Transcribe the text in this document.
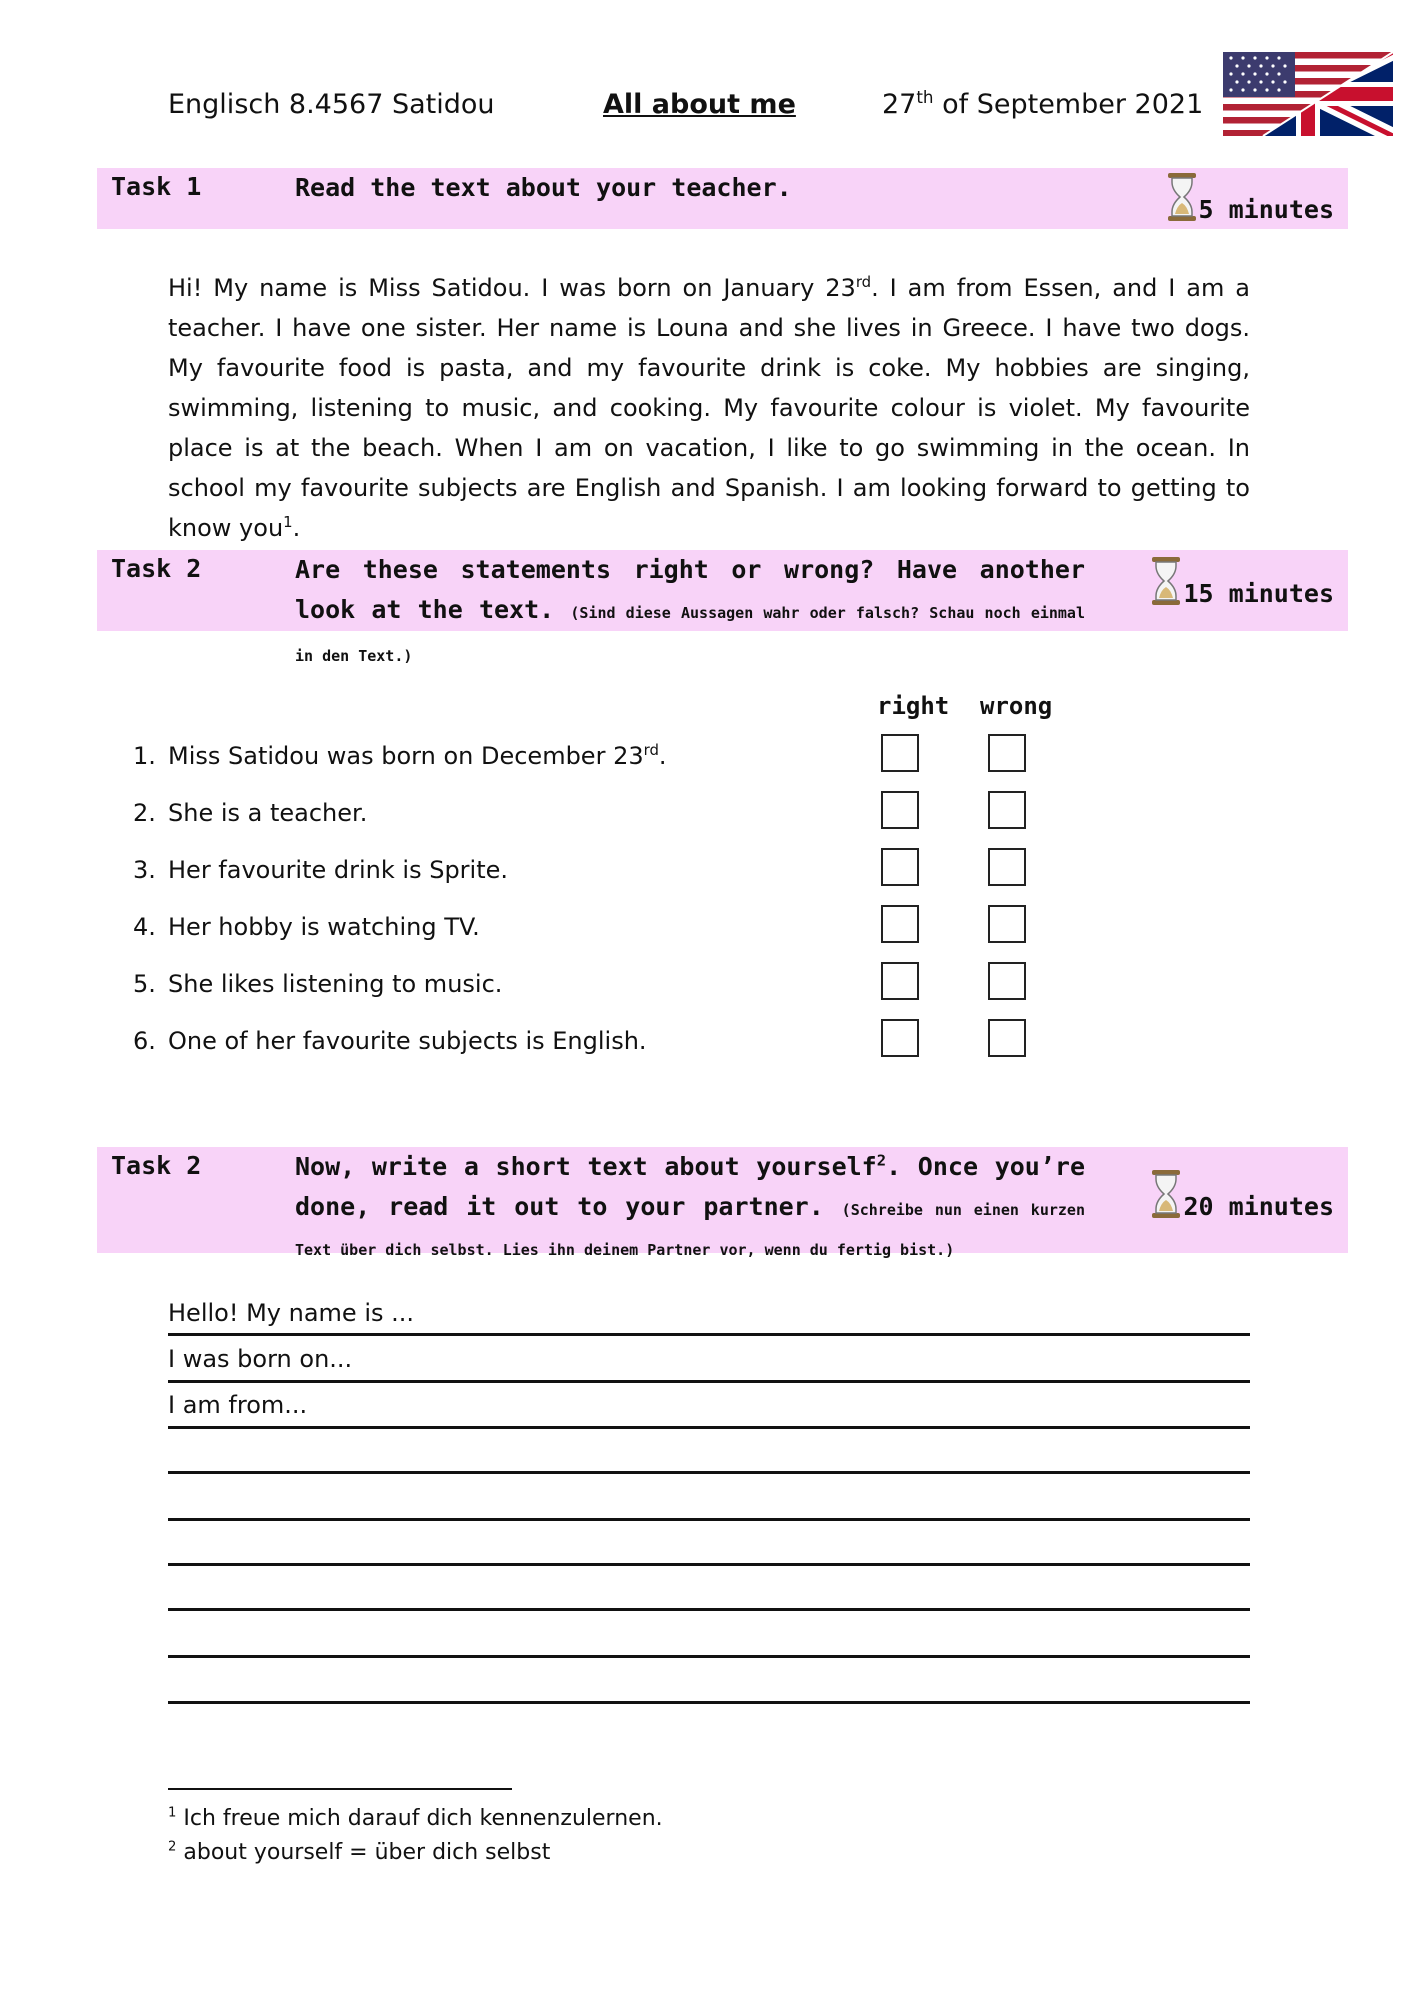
Englisch 8.4567 Satidou	All about me	27th of September 2021
Task 1	Read the text about your teacher.
5 minutes
Hi! My name is Miss Satidou. I was born on January 23rd. I am from Essen, and I am a teacher. I have one sister. Her name is Louna and she lives in Greece. I have two dogs. My favourite food is pasta, and my favourite drink is coke. My hobbies are singing, swimming, listening to music, and cooking. My favourite colour is violet. My favourite place is at the beach. When I am on vacation, I like to go swimming in the ocean. In school my favourite subjects are English and Spanish. I am looking forward to getting to know you$^1$.
Task 2	Are these statements right or wrong? Have another look at the text. (Sind diese Aussagen wahr oder falsch? Schau noch einmal in den Text.)
15 minutes
right wrong
1. Miss Satidou was born on December 23rd.
2. She is a teacher.
3. Her favourite drink is Sprite.
4. Her hobby is watching TV.
5. She likes listening to music.
6. One of her favourite subjects is English.
Task 2	Now, write a short text about yourself$^2$. Once you’re done, read it out to your partner. (Schreibe nun einen kurzen Text über dich selbst. Lies ihn deinem Partner vor, wenn du fertig bist.)
20 minutes
Hello! My name is ...
I was born on...
I am from...
$^1$ Ich freue mich darauf dich kennenzulernen.
$^2$ about yourself = über dich selbst
